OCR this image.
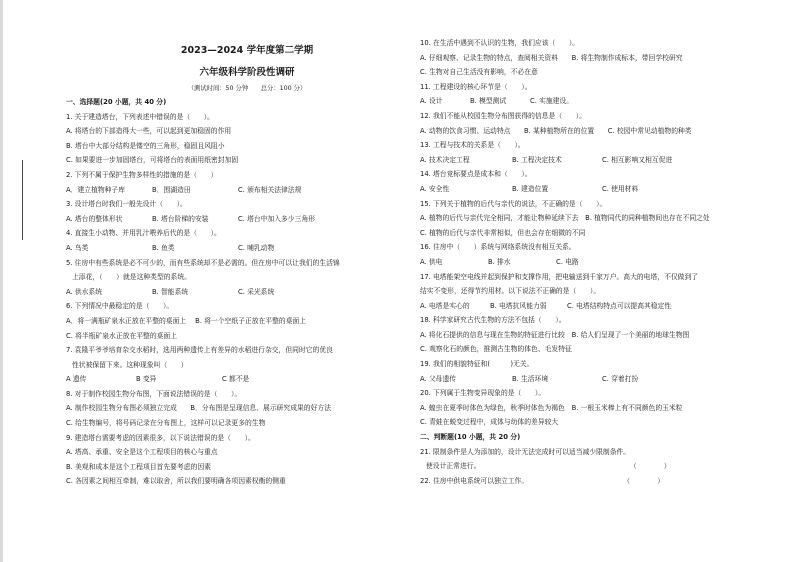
2023—2024 学年度第二学期
六年级科学阶段性调研
（测试时间：50 分钟　　总分：100 分）
一、选择题(20 小题，共 40 分)
1. 关于建造塔台，下列表述中错误的是（　　）。
A. 将塔台的下部造得大一些，可以起到更加稳固的作用
B. 塔台中大部分结构是镂空的三角形，稳固且风阻小
C. 如果要进一步加固塔台，可将塔台的表面用纸密封加固
2. 下列不属于保护生物多样性的措施的是（　　）
A．建立植物种子库	B．围湖造田	C. 颁布相关法律法规
3. 设计塔台时我们一般先设计（　　）。
A. 塔台的整体形状	B. 塔台阶梯的安装	C. 塔台中加入多少三角形
4. 直接生小动物、并用乳汁喂养后代的是（　　）。
A. 鸟类	B. 鱼类	C. 哺乳动物
5. 住房中有些系统是必不可少的，而有些系统却不是必需的。但在房中可以让我们的生活锦
上添花，（　　）就是这种类型的系统。
A. 供水系统	B. 智能系统	C. 采光系统
6. 下列情况中最稳定的是（　　）。
A．将一满瓶矿泉水正放在平整的桌面上　 B. 将一个空纸子正放在平整的桌面上
C. 将半瓶矿泉水正放在平整的桌面上
7. 袁隆平爷爷培育杂交水稻时，选用两种遗传上有差异的水稻进行杂交，但同时它的优良
性状被保留下来。这种现象叫（　　）
A 遗传	B 变异	C 都不是
8. 对于制作校园生物分布图，下面说法错误的是（　　）。
A. 制作校园生物分布图必须独立完成　　B．分布图是呈现信息、展示研究成果的好方法
C. 给生物编号，将号码记录在分布图上，这样可以记录更多的生物
9. 建造塔台需要考虑的因素很多，以下说法错误的是（　　）。
A. 塔高、承重、安全是这个工程项目的核心与重点
B. 美观和成本是这个工程项目首先要考虑的因素
C. 各因素之间相互牵制，难以取舍，所以我们要明确各项因素权衡的侧重
10. 在生活中遇到不认识的生物，我们应该（　　）。
A. 仔细观察、记录生物的特点，查阅相关资料　　B. 将生物制作成标本，带回学校研究
C. 生物对自己生活没有影响，不必在意
11. 工程建设的核心环节是（　　）。
A. 设计	B. 模型测试	C. 实施建设。
12. 我们不能从校园生物分布图获得的信息是（　　）。
A. 动物的饮食习惯、运动特点　　B. 某种植物所在的位置　　C. 校园中常见动植物的种类
13. 工程与技术的关系是（　　）。
A. 技术决定工程	B. 工程决定技术	C. 相互影响又相互促进
14. 塔台竞标要点是成本和（　　）。
A. 安全性	B. 建造位置	C. 使用材料
15. 下列关于植物的后代与亲代的说法，不正确的是（　　）。
A. 植物的后代与亲代完全相同，才能让物种延续下去　B. 植物同代的同种植物间也存在不同之处
C. 植物的后代与亲代非常相似，但也会存在细微的不同
16. 住房中（　　）系统与网络系统没有相互关系。
A. 供电	B. 排水	C. 电路
17. 电塔能架空电线并起到保护和支撑作用，把电输送到千家万户。高大的电塔，不仅做到了
结实不变形，还得节约用材。以下说法不正确的是（　　）。
A. 电塔是实心的　　　B. 电塔抗风能力弱　　　C. 电塔结构特点可以提高其稳定性
18. 科学家研究古代生物的方法不包括（　　）。
A. 将化石提供的信息与现在生物的特征进行比较　B. 给人们呈现了一个美丽的地球生物图
C. 观察化石的颜色，推测古生物的体色、毛发特征
19. 我们的相貌特征和(　　　)无关。
A. 父母遗传	B. 生活环境	C. 穿着打扮
20. 下列属于生物变异现象的是（　　）。
A. 蝗虫在夏季时体色为绿色，秋季时体色为褐色　B. 一根玉米棒上有不同颜色的玉米粒
C. 青蛙在蜕变过程中，成体与幼体的差异较大
二、判断题(10 小题，共 20 分)
21. 限制条件是人为添加的，设计无法完成时可以适当减少限制条件。
使设计正常进行。　　　　　　　　　　　　　　　　　　　　　　　（　　　　）
22. 住房中供电系统可以独立工作。　　　　　　　　　　　　　　　（　　　　）
